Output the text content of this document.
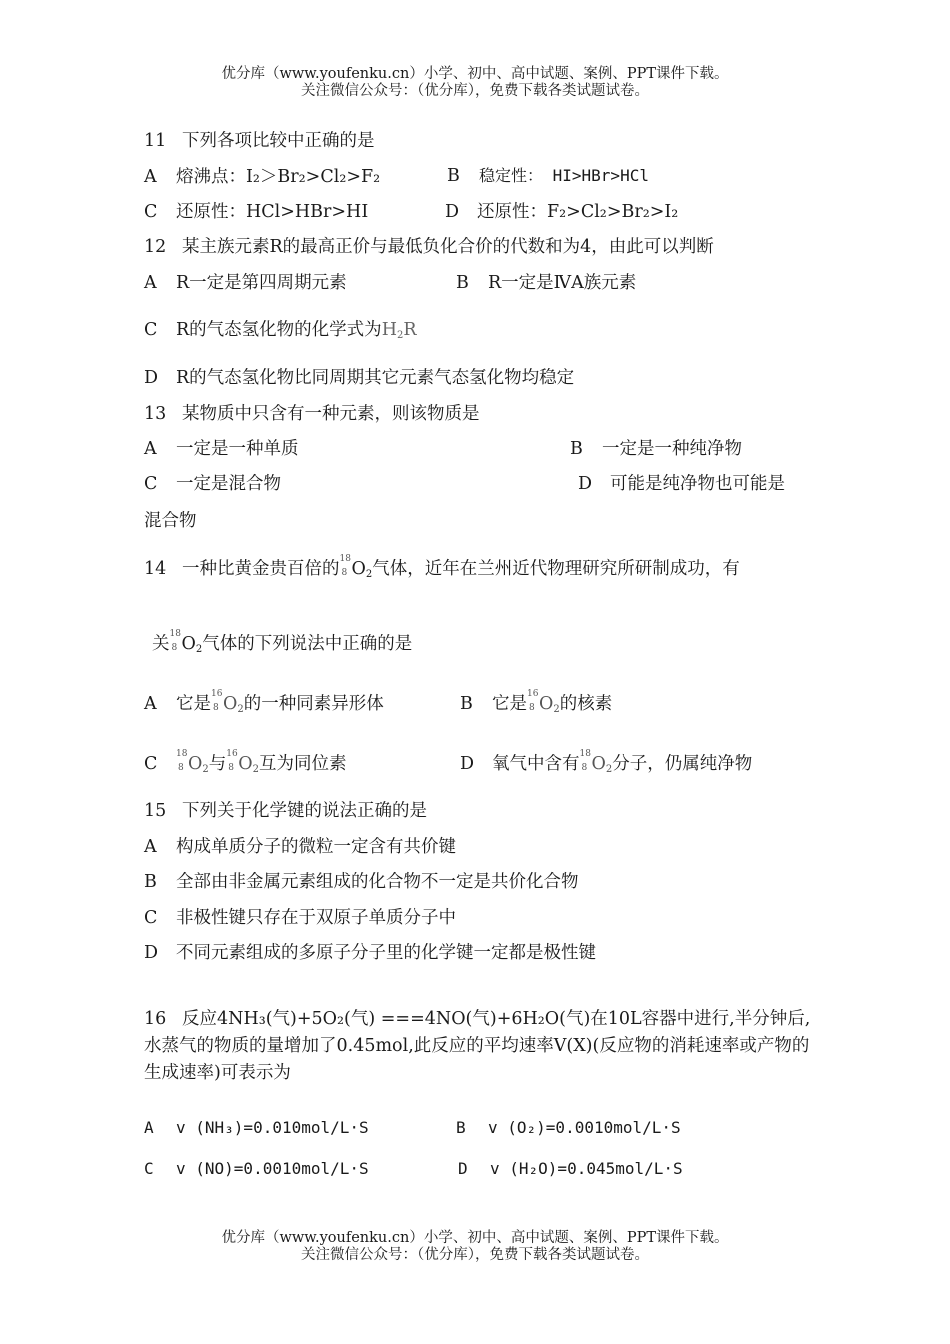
优分库（www.youfenku.cn）小学、初中、高中试题、案例、PPT课件下载。
关注微信公众号：（优分库），免费下载各类试题试卷。
11 下列各项比较中正确的是
A 熔沸点：I₂＞Br₂>Cl₂>F₂	B 稳定性： HI>HBr>HCl
C 还原性：HCl>HBr>HI	D 还原性：F₂>Cl₂>Br₂>I₂
12 某主族元素R的最高正价与最低负化合价的代数和为4，由此可以判断
A R一定是第四周期元素	B R一定是ⅣA族元素
C R的气态氢化物的化学式为$H_2R$
D R的气态氢化物比同周期其它元素气态氢化物均稳定
13 某物质中只含有一种元素，则该物质是
A 一定是一种单质	B 一定是一种纯净物
C 一定是混合物	D 可能是纯净物也可能是
混合物
14 一种比黄金贵百倍的 18
8 $O_2$气体，近年在兰州近代物理研究所研制成功，有
关 18
8 $O_2$气体的下列说法中正确的是
A 它是 16
8 $O_2$的一种同素异形体	B 它是 16
8 $O_2$的核素
C 18
8 $O_2$与 16
8 $O_2$互为同位素	D 氧气中含有 18
8 $O_2$分子，仍属纯净物
15 下列关于化学键的说法正确的是
A 构成单质分子的微粒一定含有共价键
B 全部由非金属元素组成的化合物不一定是共价化合物
C 非极性键只存在于双原子单质分子中
D 不同元素组成的多原子分子里的化学键一定都是极性键
16 反应4NH₃(气)+5O₂(气) ===4NO(气)+6H₂O(气)在10L容器中进行,半分钟后,水蒸气的物质的量增加了0.45mol,此反应的平均速率V(X)(反应物的消耗速率或产物的生成速率)可表示为
A v (NH₃)=0.010mol/L·S	B v (O₂)=0.0010mol/L·S
C v (NO)=0.0010mol/L·S	D v (H₂O)=0.045mol/L·S
优分库（www.youfenku.cn）小学、初中、高中试题、案例、PPT课件下载。
关注微信公众号：（优分库），免费下载各类试题试卷。
